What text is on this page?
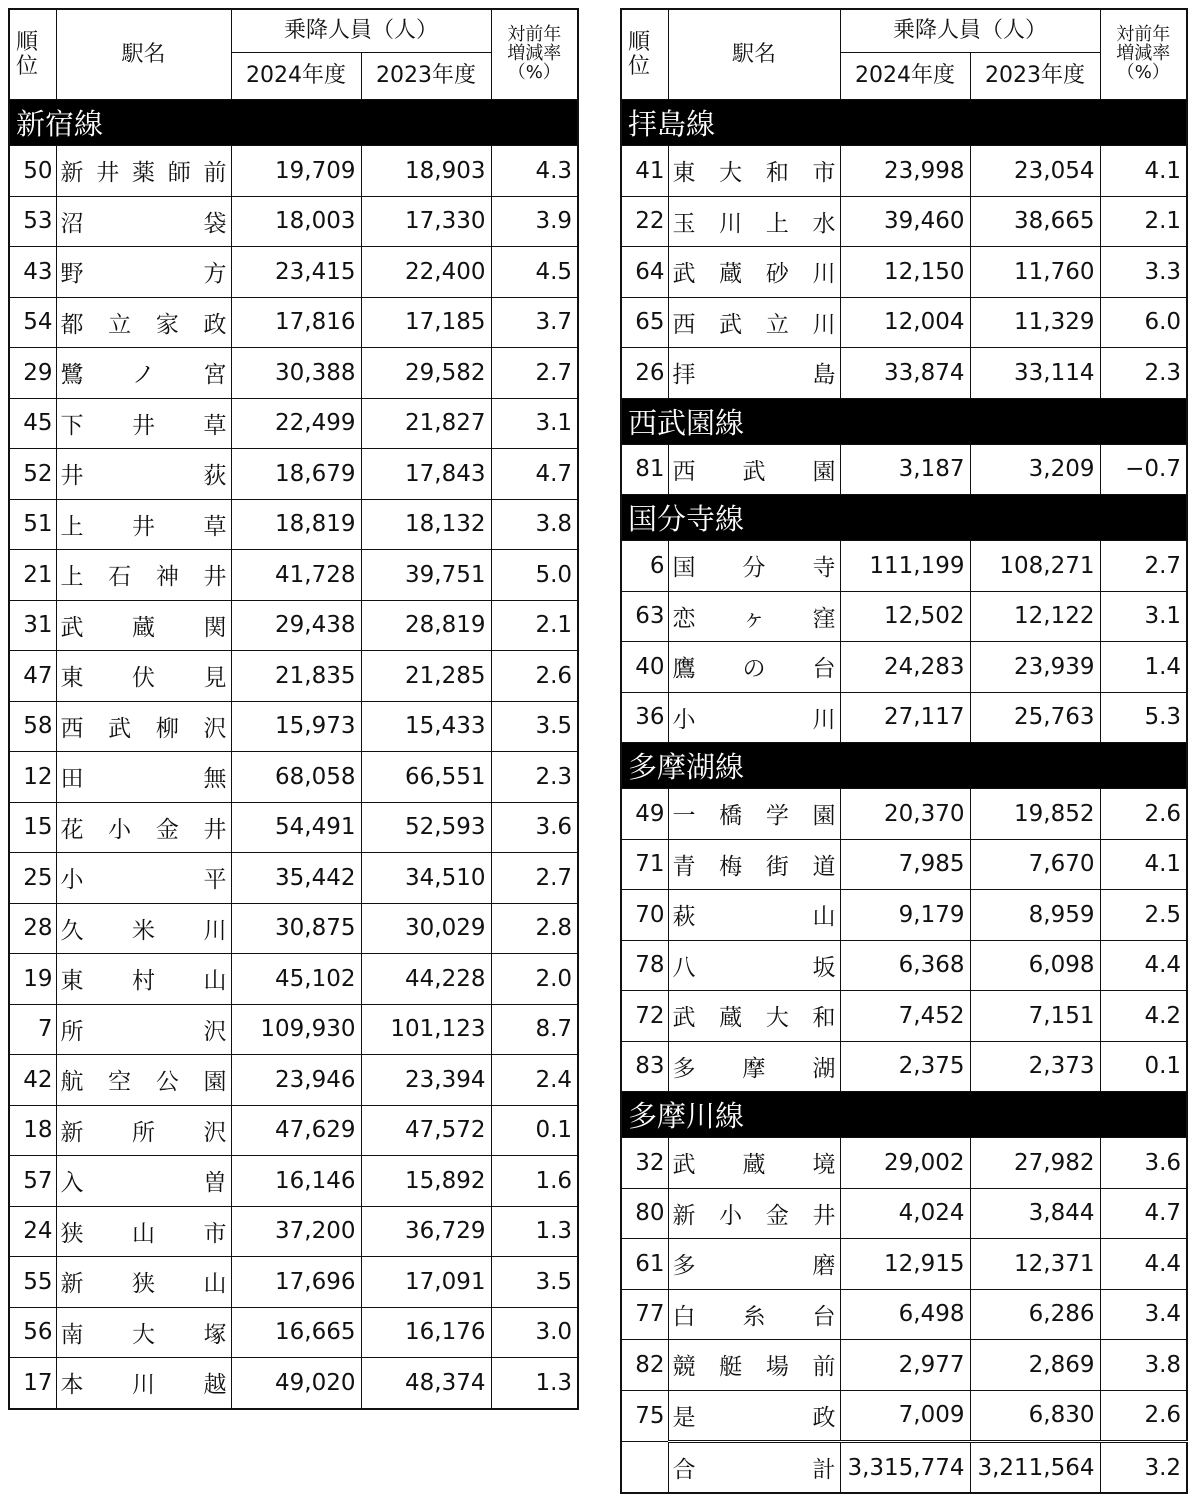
順
位	駅名	乗降人員（人）		対前年
増減率
（%）
		2024年度	2023年度	
新宿線				
50	新 井 薬 師 前	19,709	18,903	4.3
53	沼 袋	18,003	17,330	3.9
43	野 方	23,415	22,400	4.5
54	都 立 家 政	17,816	17,185	3.7
29	鷺 ノ 宮	30,388	29,582	2.7
45	下 井 草	22,499	21,827	3.1
52	井 荻	18,679	17,843	4.7
51	上 井 草	18,819	18,132	3.8
21	上 石 神 井	41,728	39,751	5.0
31	武 蔵 関	29,438	28,819	2.1
47	東 伏 見	21,835	21,285	2.6
58	西 武 柳 沢	15,973	15,433	3.5
12	田 無	68,058	66,551	2.3
15	花 小 金 井	54,491	52,593	3.6
25	小 平	35,442	34,510	2.7
28	久 米 川	30,875	30,029	2.8
19	東 村 山	45,102	44,228	2.0
7	所 沢	109,930	101,123	8.7
42	航 空 公 園	23,946	23,394	2.4
18	新 所 沢	47,629	47,572	0.1
57	入 曽	16,146	15,892	1.6
24	狭 山 市	37,200	36,729	1.3
55	新 狭 山	17,696	17,091	3.5
56	南 大 塚	16,665	16,176	3.0
17	本 川 越	49,020	48,374	1.3
順
位	駅名	乗降人員（人）		対前年
増減率
（%）
		2024年度	2023年度	
拝島線				
41	東 大 和 市	23,998	23,054	4.1
22	玉 川 上 水	39,460	38,665	2.1
64	武 蔵 砂 川	12,150	11,760	3.3
65	西 武 立 川	12,004	11,329	6.0
26	拝 島	33,874	33,114	2.3
西武園線				
81	西 武 園	3,187	3,209	−0.7
国分寺線				
6	国 分 寺	111,199	108,271	2.7
63	恋 ヶ 窪	12,502	12,122	3.1
40	鷹 の 台	24,283	23,939	1.4
36	小 川	27,117	25,763	5.3
多摩湖線				
49	一 橋 学 園	20,370	19,852	2.6
71	青 梅 街 道	7,985	7,670	4.1
70	萩 山	9,179	8,959	2.5
78	八 坂	6,368	6,098	4.4
72	武 蔵 大 和	7,452	7,151	4.2
83	多 摩 湖	2,375	2,373	0.1
多摩川線				
32	武 蔵 境	29,002	27,982	3.6
80	新 小 金 井	4,024	3,844	4.7
61	多 磨	12,915	12,371	4.4
77	白 糸 台	6,498	6,286	3.4
82	競 艇 場 前	2,977	2,869	3.8
75	是 政	7,009	6,830	2.6

	合 計	3,315,774	3,211,564	3.2
